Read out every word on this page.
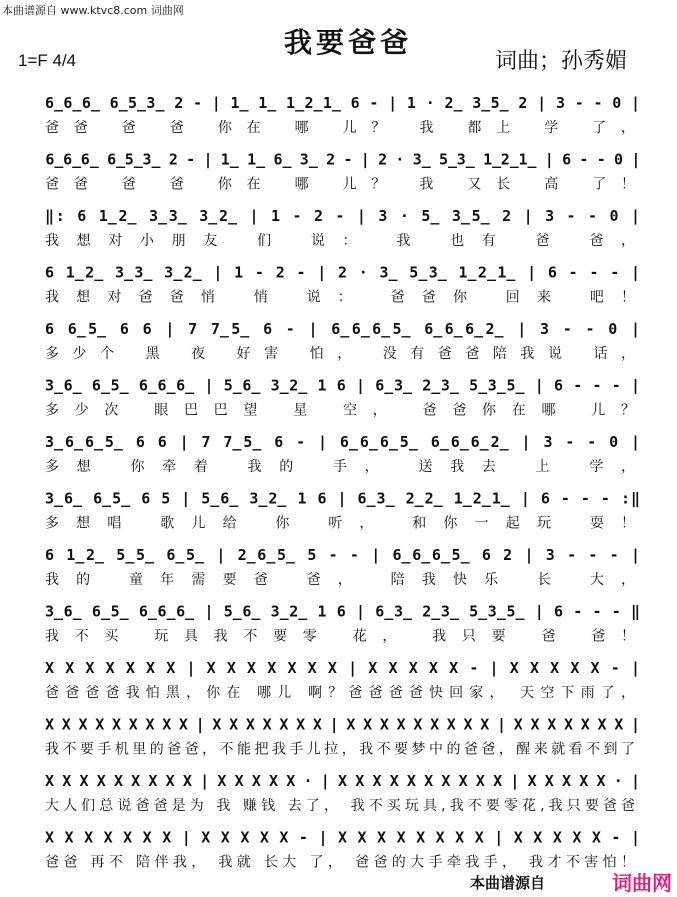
本曲谱源自 www.ktvc8.com 词曲网
1=F 4/4
我要爸爸
词曲；孙秀媚
6̲6̲6̲ 6̲5̲3̲ 2 - | 1̲ 1̲ 1̲2̲1̲ 6 - | 1 · 2̲ 3̲5̲ 2 | 3 - - 0 |
爸爸 爸 爸 你在 哪 儿？ 我 都上 学 了，
6̲6̲6̲ 6̲5̲3̲ 2 - | 1̲ 1̲ 6̲ 3̲ 2 - | 2 · 3̲ 5̲3̲ 1̲2̲1̲ | 6 - - 0 |
爸爸 爸 爸 你在 哪 儿？ 我 又长 高 了！
‖: 6 1̲2̲ 3̲3̲ 3̲2̲ | 1 - 2 - | 3 · 5̲ 3̲5̲ 2 | 3 - - 0 |
我想对小朋友 们 说： 我 也有 爸 爸，
6 1̲2̲ 3̲3̲ 3̲2̲ | 1 - 2 - | 2 · 3̲ 5̲3̲ 1̲2̲1̲ | 6 - - - |
我想对爸爸悄 悄 说： 爸爸你 回来 吧！
6 6̲5̲ 6 6 | 7 7̲5̲ 6 - | 6̲6̲6̲5̲ 6̲6̲6̲2̲ | 3 - - 0 |
多少个 黑 夜 好害 怕， 没有爸爸陪我说 话，
3̲6̲ 6̲5̲ 6̲6̲6̲ | 5̲6̲ 3̲2̲ 1 6 | 6̲3̲ 2̲3̲ 5̲3̲5̲ | 6 - - - |
多少次 眼巴巴望 星 空， 爸爸你在哪 儿？
3̲6̲6̲5̲ 6 6 | 7 7̲5̲ 6 - | 6̲6̲6̲5̲ 6̲6̲6̲2̲ | 3 - - 0 |
多想 你牵着 我的 手， 送我去 上 学，
3̲6̲ 6̲5̲ 6 5 | 5̲6̲ 3̲2̲ 1 6 | 6̲3̲ 2̲2̲ 1̲2̲1̲ | 6 - - - :‖
多想唱 歌儿给 你 听， 和你一起玩 耍！
6 1̲2̲ 5̲5̲ 6̲5̲ | 2̲6̲5̲ 5 - - | 6̲6̲6̲5̲ 6 2 | 3 - - - |
我的 童年需要爸 爸， 陪我快乐 长 大，
3̲6̲ 6̲5̲ 6̲6̲6̲ | 5̲6̲ 3̲2̲ 1 6 | 6̲3̲ 2̲3̲ 5̲3̲5̲ | 6 - - - ‖
我不买 玩具我不要零 花， 我只要 爸 爸！
X X X X X X X | X X X X X X X | X X X X X - | X X X X X - |
爸爸爸爸我怕黑，你在 哪儿 啊？爸爸爸爸快回家， 天空下雨了，
X X X X X X X X X | X X X X X X X | X X X X X X X X X | X X X X X X X |
我不要手机里的爸爸，不能把我手儿拉，我不要梦中的爸爸，醒来就看不到了
X X X X X X X X X | X X X X X · | X X X X X X X X X X | X X X X X · |
大人们总说爸爸是为 我 赚钱 去了， 我不买玩具,我不要零花,我只要爸爸
X X X X X X X | X X X X X - | X X X X X X X X | X X X X X - |
爸爸 再不 陪伴我， 我就 长大 了， 爸爸的大手牵我手， 我才不害怕！
本曲谱源自	词曲网
